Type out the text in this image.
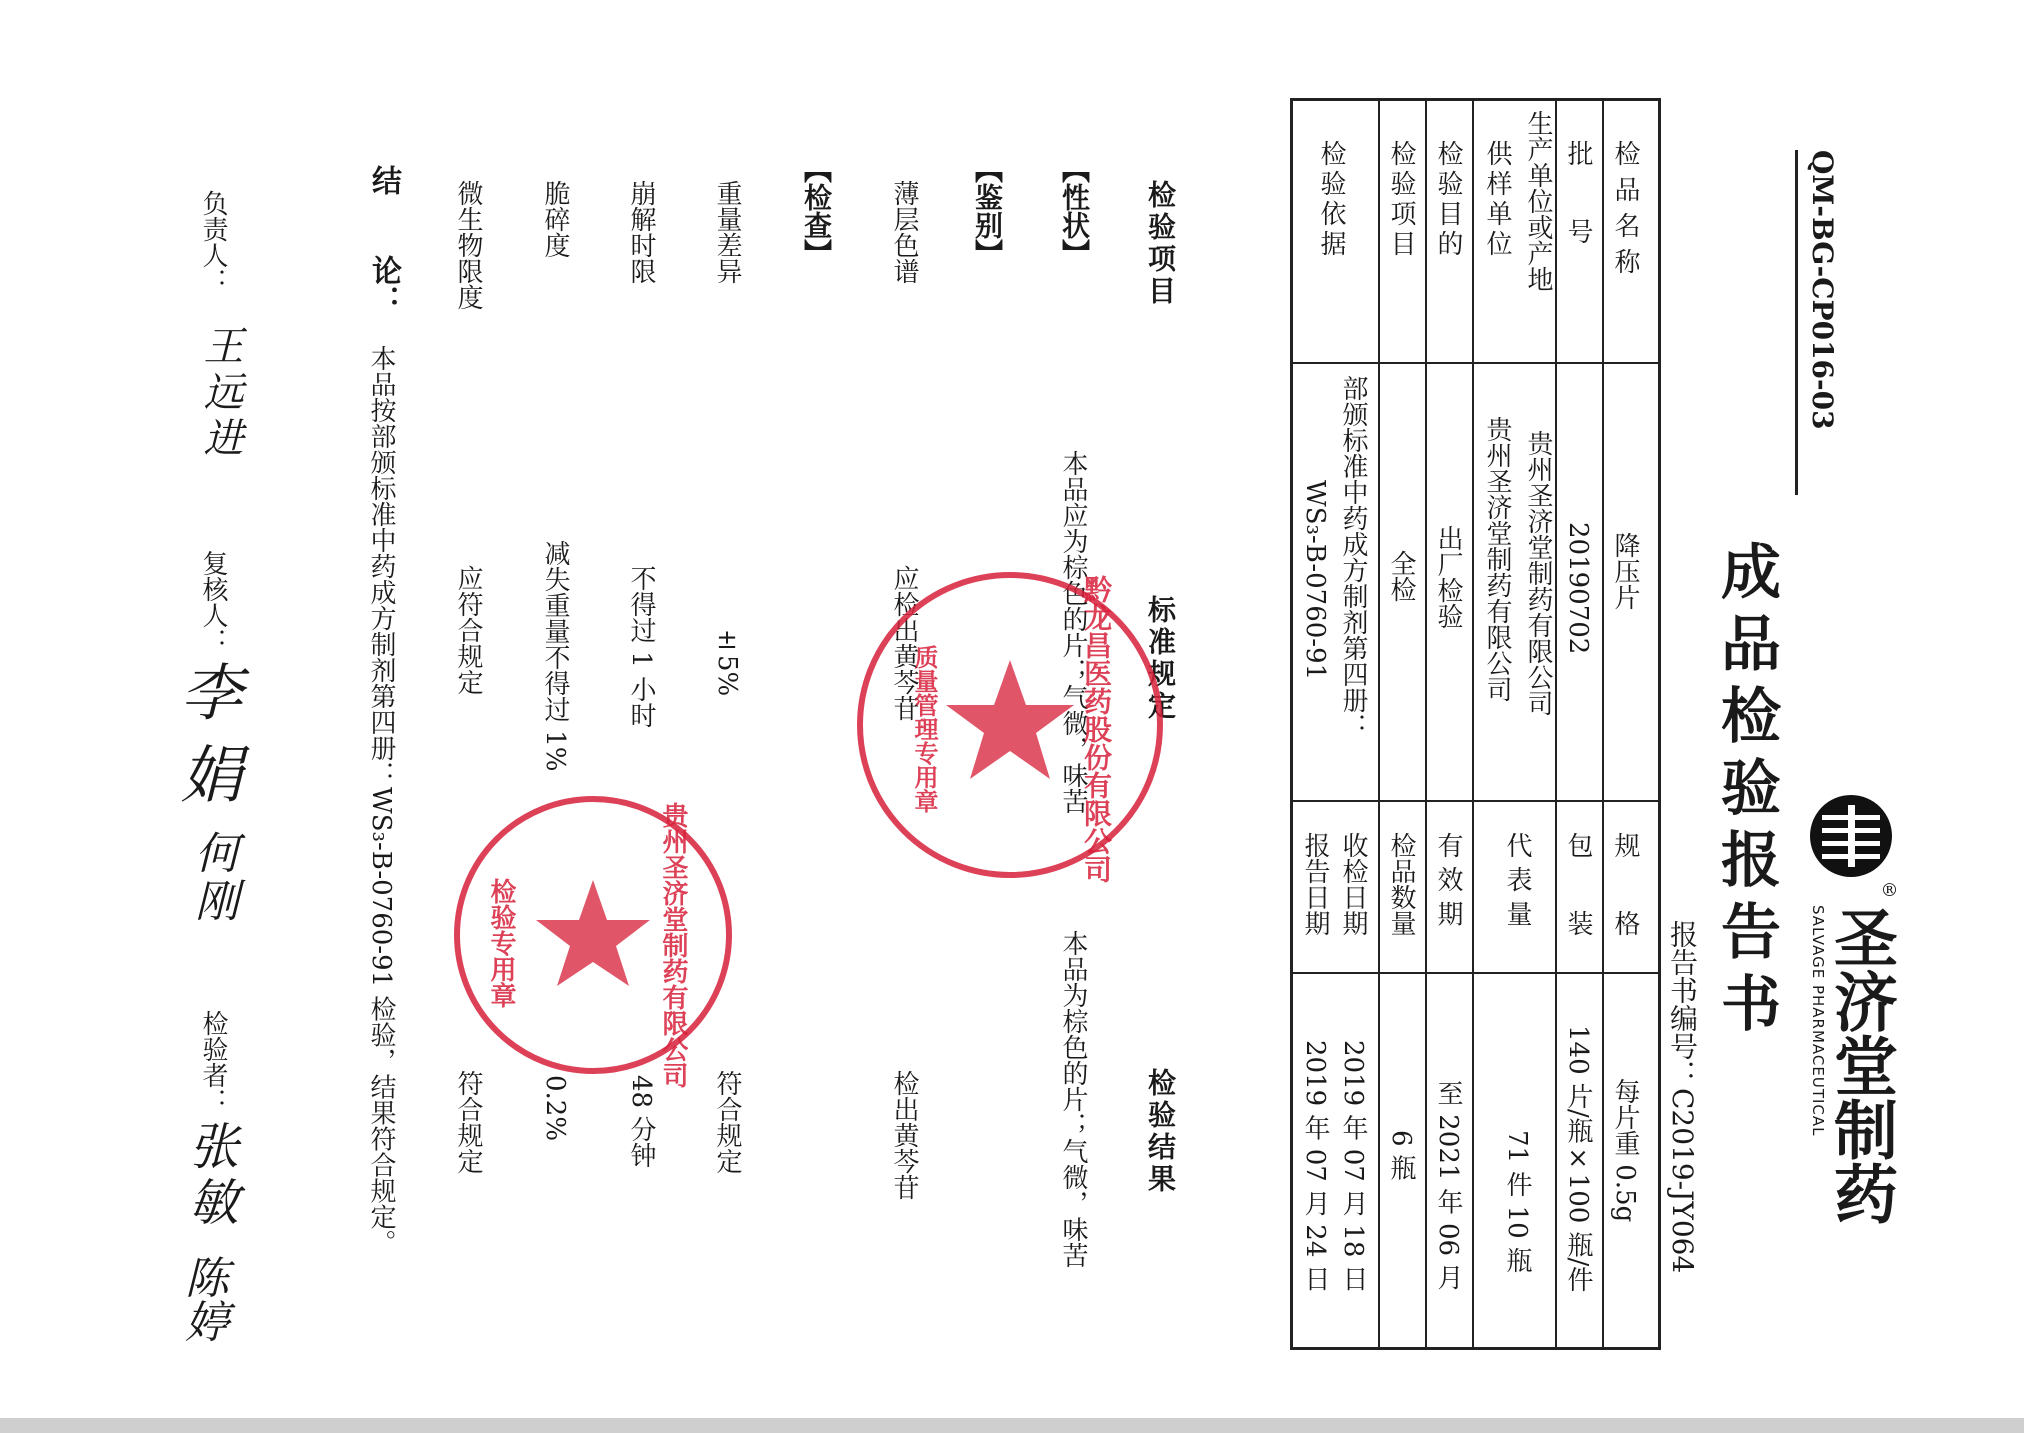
QM-BG-CP016-03
成品检验报告书
报告书编号：C2019-JY064
®
圣济堂制药
SALVAGE PHARMACEUTICAL
检品名称
降压片
规　　格
每片重 0.5g
批　　号
20190702
包　　装
140 片/瓶×100 瓶/件
生产单位或产地
供样单位
贵州圣济堂制药有限公司
贵州圣济堂制药有限公司
代 表 量
71 件 10 瓶
检验目的
出厂检验
有 效 期
至 2021 年 06 月
检验项目
全检
检品数量
6 瓶
检验依据
部颁标准中药成方制剂第四册：
WS₃-B-0760-91
收检日期
2019 年 07 月 18 日
报告日期
2019 年 07 月 24 日
检验项目
标准规定
检验结果
【性状】
本品应为棕色的片；气微，味苦
本品为棕色的片；气微，味苦
【鉴别】
薄层色谱
应检出黄芩苷
检出黄芩苷
【检查】
重量差异
±5%
符合规定
崩解时限
不得过 1 小时
48 分钟
脆碎度
减失重量不得过 1%
0.2%
微生物限度
应符合规定
符合规定
结　　论：
本品按部颁标准中药成方制剂第四册：WS₃-B-0760-91 检验，结果符合规定。
负责人：
王远进
复核人：
李娟
何刚
检验者：
张敏
陈婷
黔龙昌医药股份有限公司
质量管理专用章
贵州圣济堂制药有限公司
检验专用章
